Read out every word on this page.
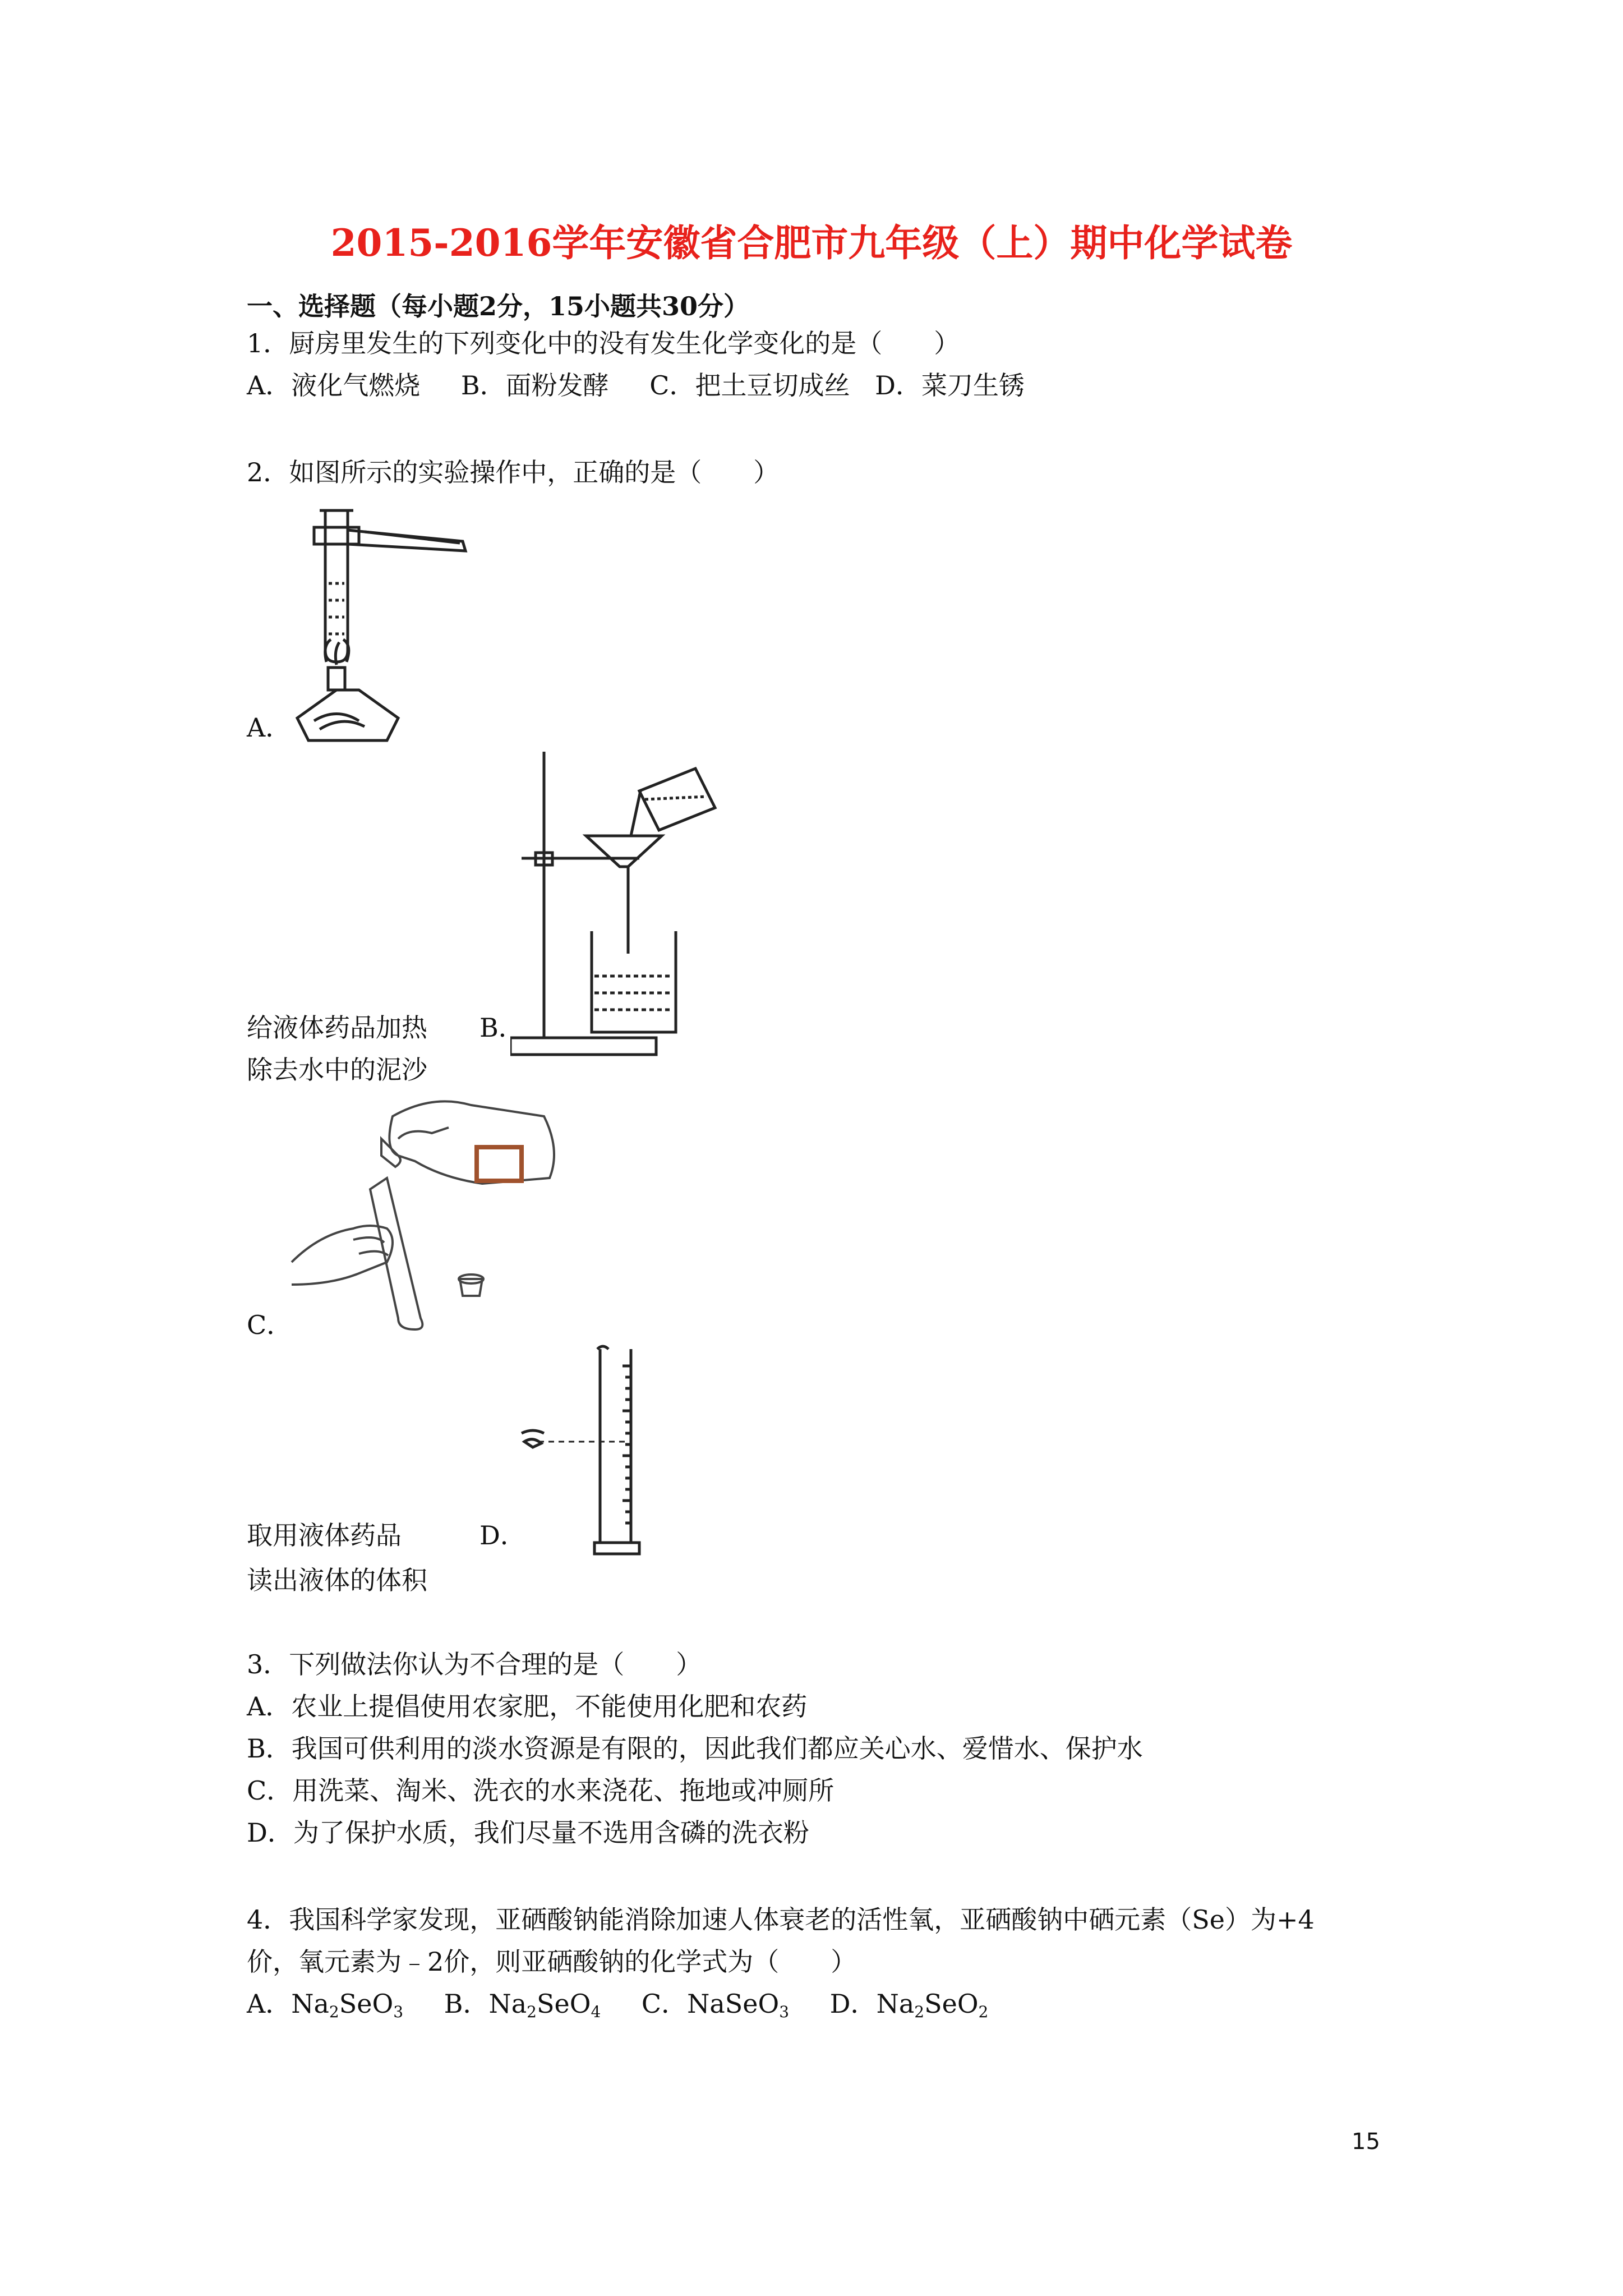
2015-2016学年安徽省合肥市九年级（上）期中化学试卷
一、选择题（每小题2分，15小题共30分）
1．厨房里发生的下列变化中的没有发生化学变化的是（　　）
A．液化气燃烧 B．面粉发酵 C．把土豆切成丝 D．菜刀生锈
2．如图所示的实验操作中，正确的是（　　）
A．
给液体药品加热 B．
除去水中的泥沙
C．
取用液体药品	D．
读出液体的体积
3．下列做法你认为不合理的是（　　）
A．农业上提倡使用农家肥，不能使用化肥和农药
B．我国可供利用的淡水资源是有限的，因此我们都应关心水、爱惜水、保护水
C．用洗菜、淘米、洗衣的水来浇花、拖地或冲厕所
D．为了保护水质，我们尽量不选用含磷的洗衣粉
4．我国科学家发现，亚硒酸钠能消除加速人体衰老的活性氧，亚硒酸钠中硒元素（Se）为+4
价，氧元素为﹣2价，则亚硒酸钠的化学式为（　　）
A．$Na_2SeO_3$ B．$Na_2SeO_4$ C．NaSeO$_3$ D．$Na_2SeO_2$
15
